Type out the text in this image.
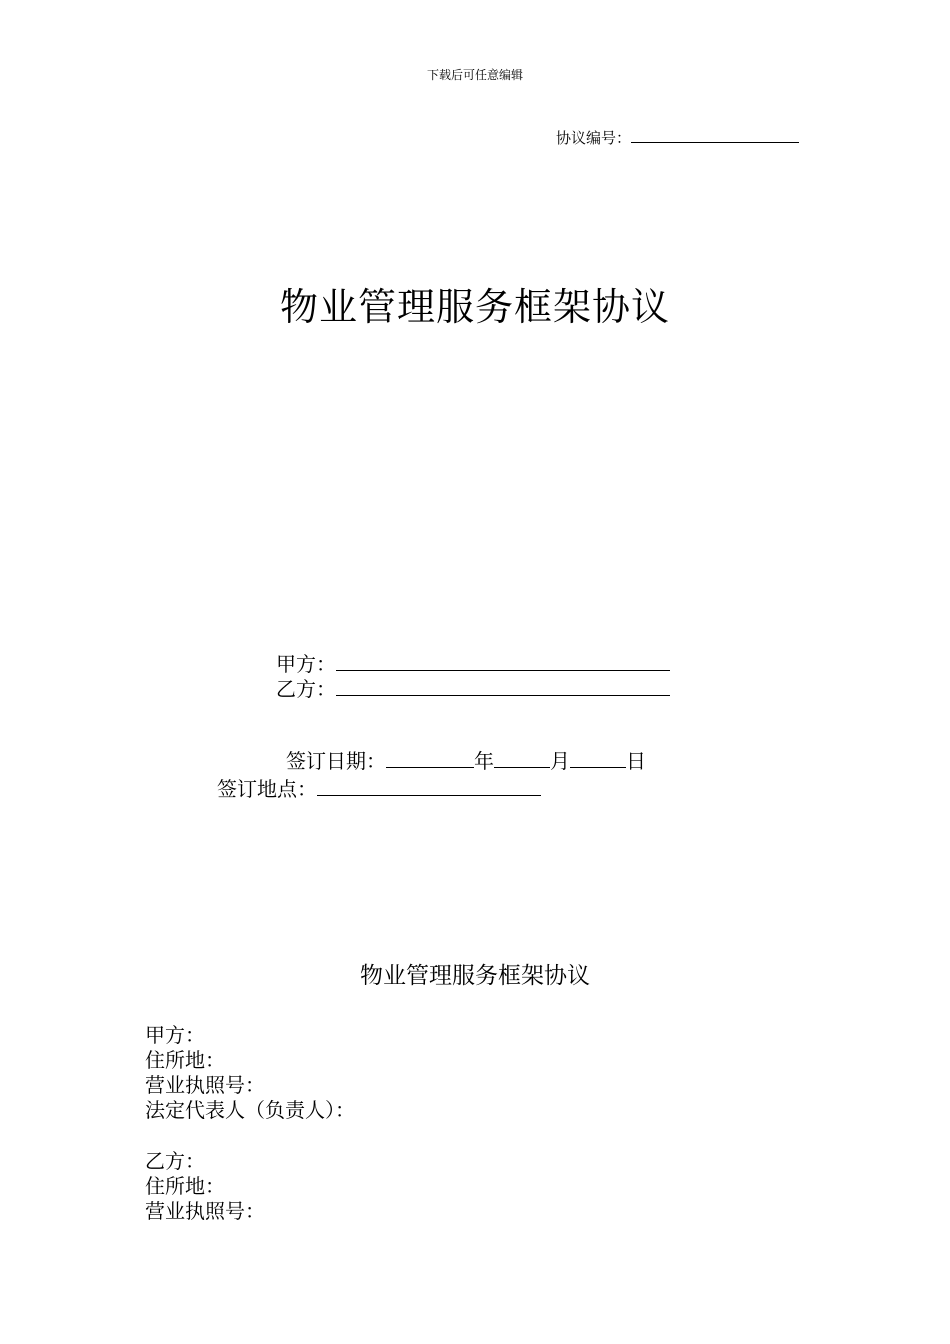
下载后可任意编辑
协议编号：
物业管理服务框架协议
甲方：
乙方：
签订日期：	年	月	日
签订地点：
物业管理服务框架协议
甲方：
住所地：
营业执照号：
法定代表人（负责人）：
乙方：
住所地：
营业执照号：
